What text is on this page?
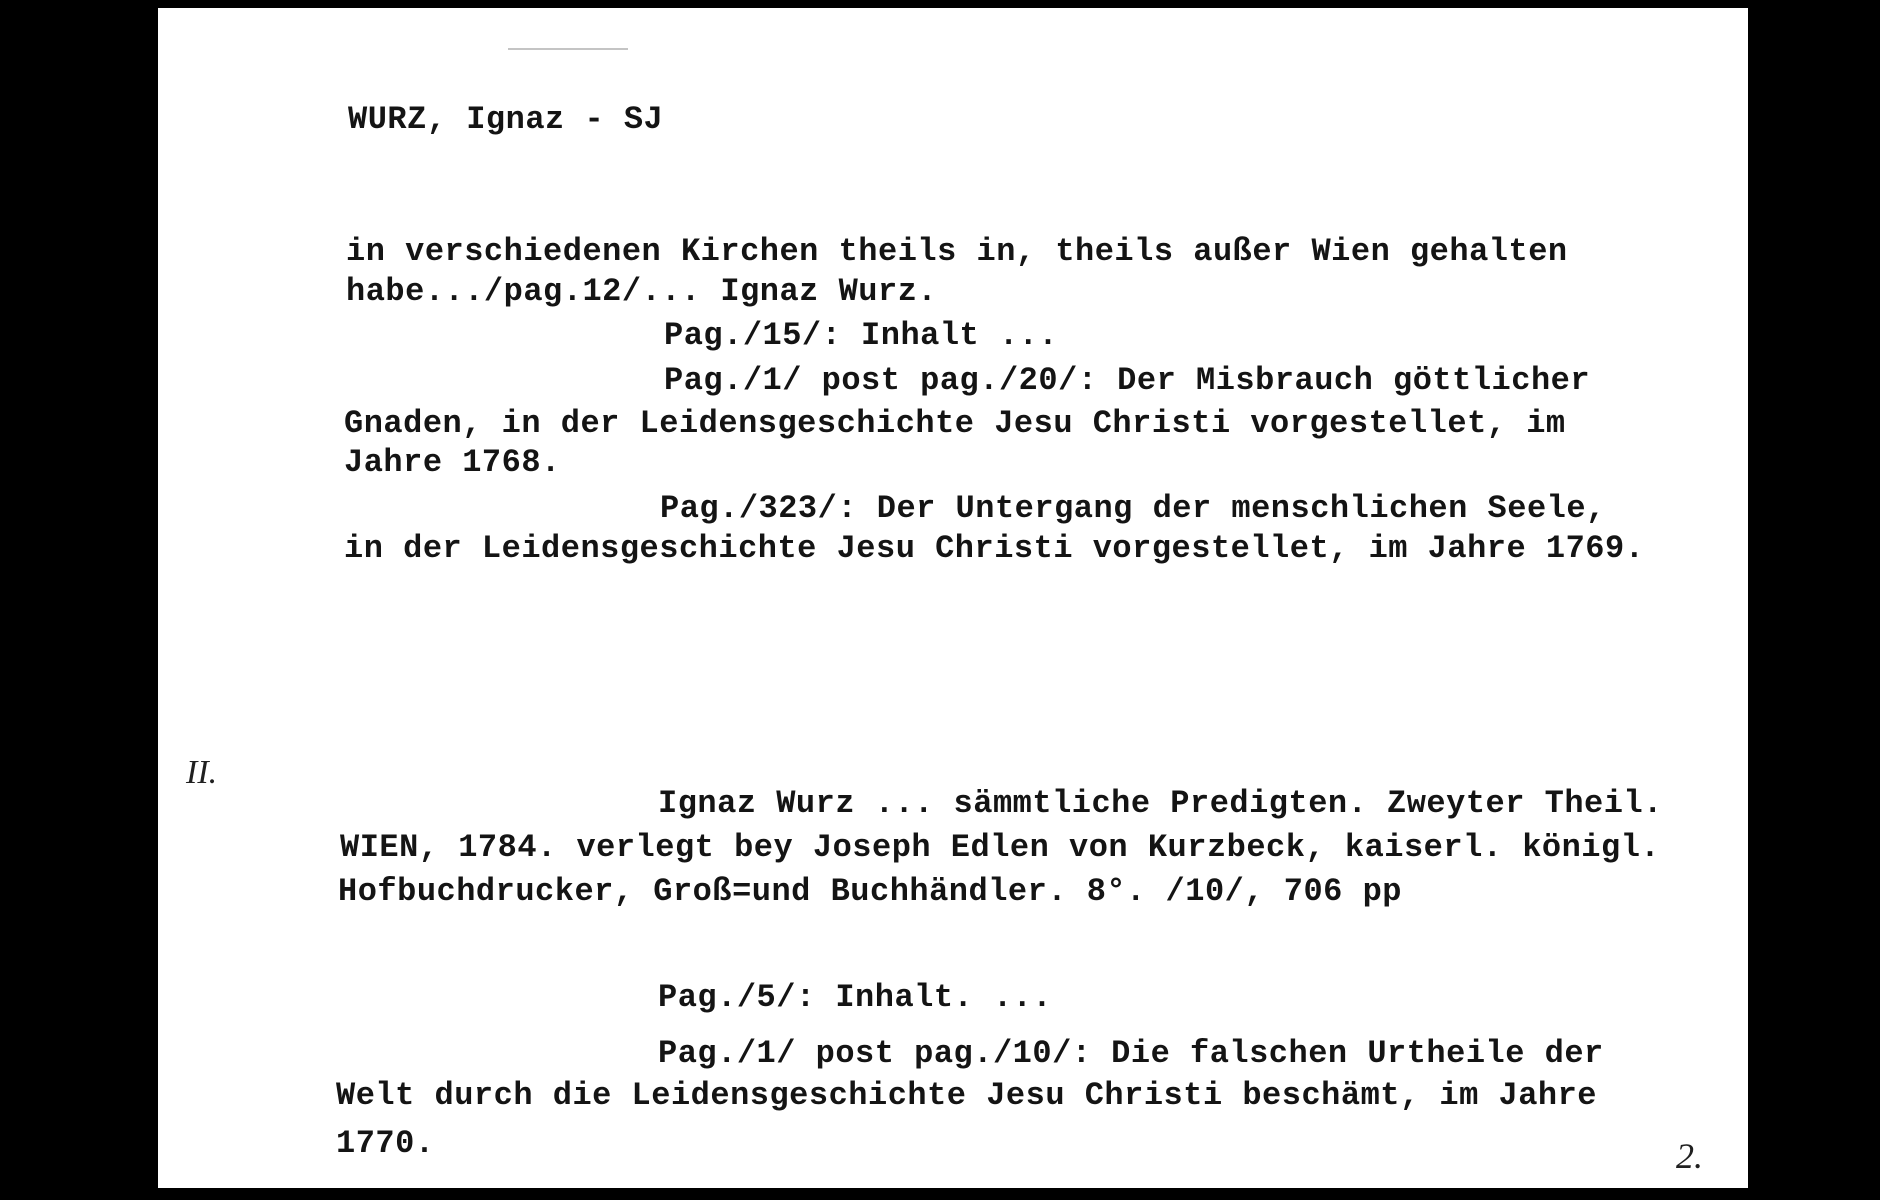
WURZ, Ignaz - SJ
in verschiedenen Kirchen theils in, theils außer Wien gehalten
habe.../pag.12/... Ignaz Wurz.
Pag./15/: Inhalt ...
Pag./1/ post pag./20/: Der Misbrauch göttlicher
Gnaden, in der Leidensgeschichte Jesu Christi vorgestellet, im
Jahre 1768.
Pag./323/: Der Untergang der menschlichen Seele,
in der Leidensgeschichte Jesu Christi vorgestellet, im Jahre 1769.
II.
Ignaz Wurz ... sämmtliche Predigten. Zweyter Theil.
WIEN, 1784. verlegt bey Joseph Edlen von Kurzbeck, kaiserl. königl.
Hofbuchdrucker, Groß=und Buchhändler. 8°. /10/, 706 pp
Pag./5/: Inhalt. ...
Pag./1/ post pag./10/: Die falschen Urtheile der
Welt durch die Leidensgeschichte Jesu Christi beschämt, im Jahre
1770.	2.
